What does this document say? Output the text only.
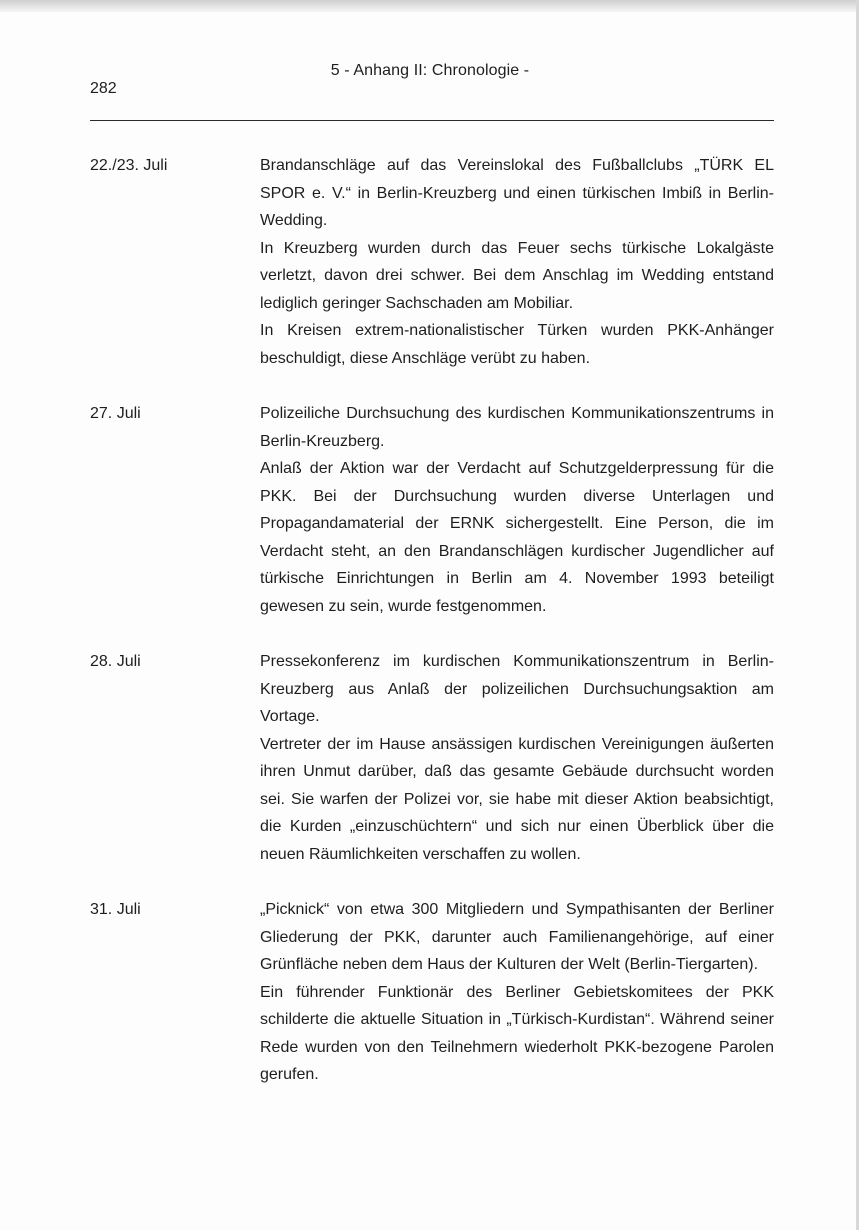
5 - Anhang II: Chronologie -
282
22./23. Juli	Brandanschläge auf das Vereinslokal des Fußballclubs „TÜRK EL SPOR e. V.“ in Berlin-Kreuzberg und einen türkischen Imbiß in Berlin-Wedding.

In Kreuzberg wurden durch das Feuer sechs türkische Lokalgäste verletzt, davon drei schwer. Bei dem Anschlag im Wedding entstand lediglich geringer Sachschaden am Mobiliar.

In Kreisen extrem-nationalistischer Türken wurden PKK-Anhänger beschuldigt, diese Anschläge verübt zu haben.

27. Juli	Polizeiliche Durchsuchung des kurdischen Kommunikationszentrums in Berlin-Kreuzberg.

Anlaß der Aktion war der Verdacht auf Schutzgelderpressung für die PKK. Bei der Durchsuchung wurden diverse Unterlagen und Propagandamaterial der ERNK sichergestellt. Eine Person, die im Verdacht steht, an den Brandanschlägen kurdischer Jugendlicher auf türkische Einrichtungen in Berlin am 4. November 1993 beteiligt gewesen zu sein, wurde festgenommen.

28. Juli	Pressekonferenz im kurdischen Kommunikationszentrum in Berlin-Kreuzberg aus Anlaß der polizeilichen Durchsuchungsaktion am Vortage.

Vertreter der im Hause ansässigen kurdischen Vereinigungen äußerten ihren Unmut darüber, daß das gesamte Gebäude durchsucht worden sei. Sie warfen der Polizei vor, sie habe mit dieser Aktion beabsichtigt, die Kurden „einzuschüchtern“ und sich nur einen Überblick über die neuen Räumlichkeiten verschaffen zu wollen.

31. Juli	„Picknick“ von etwa 300 Mitgliedern und Sympathisanten der Berliner Gliederung der PKK, darunter auch Familienangehörige, auf einer Grünfläche neben dem Haus der Kulturen der Welt (Berlin-Tiergarten).

Ein führender Funktionär des Berliner Gebietskomitees der PKK schilderte die aktuelle Situation in „Türkisch-Kurdistan“. Während seiner Rede wurden von den Teilnehmern wiederholt PKK-bezogene Parolen gerufen.
